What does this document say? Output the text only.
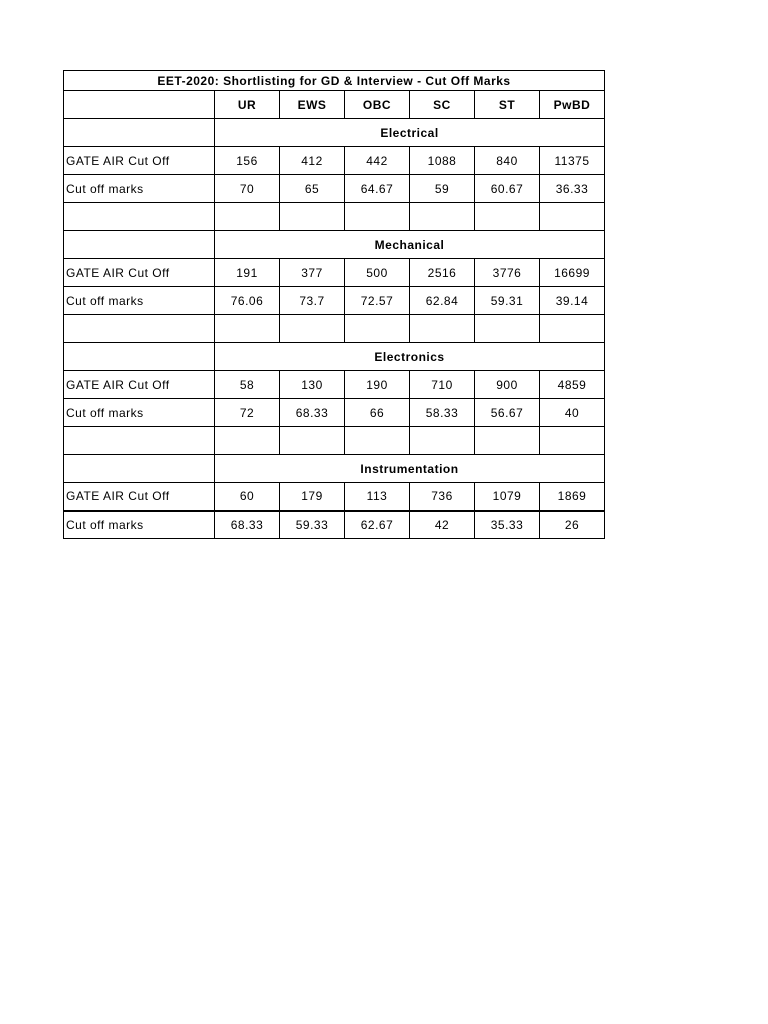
EET-2020: Shortlisting for GD & Interview - Cut Off Marks						
	UR	EWS	OBC	SC	ST	PwBD
	Electrical					
GATE AIR Cut Off	156	412	442	1088	840	11375
Cut off marks	70	65	64.67	59	60.67	36.33

	Mechanical					
GATE AIR Cut Off	191	377	500	2516	3776	16699
Cut off marks	76.06	73.7	72.57	62.84	59.31	39.14

	Electronics					
GATE AIR Cut Off	58	130	190	710	900	4859
Cut off marks	72	68.33	66	58.33	56.67	40

	Instrumentation					
GATE AIR Cut Off	60	179	113	736	1079	1869
Cut off marks	68.33	59.33	62.67	42	35.33	26
